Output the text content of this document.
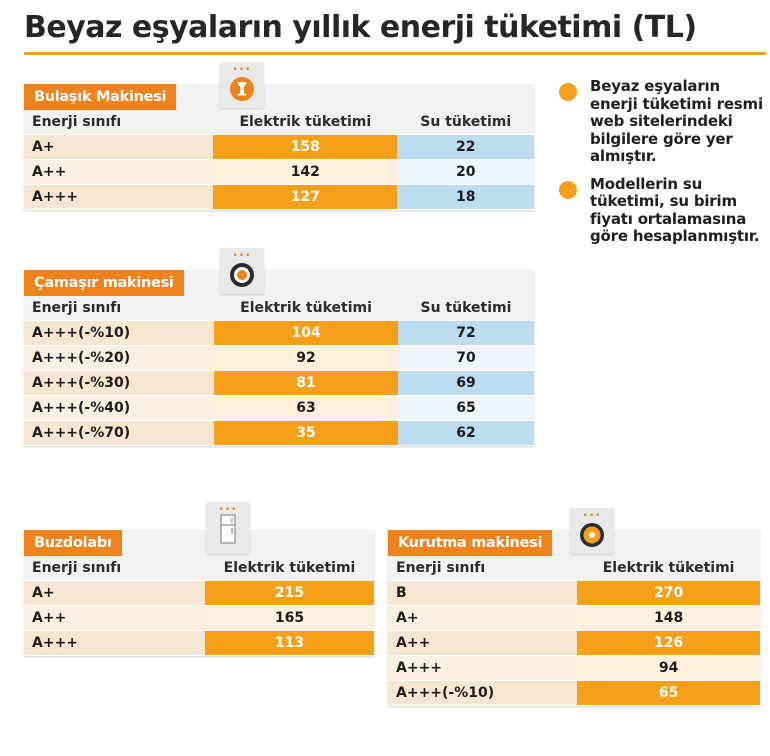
Beyaz eşyaların yıllık enerji tüketimi (TL)
Bulaşık Makinesi
•••
Enerji sınıfı	Elektrik tüketimi	Su tüketimi
A+	158	22
A++	142	20
A+++	127	18
Çamaşır makinesi
•••
Enerji sınıfı	Elektrik tüketimi	Su tüketimi
A+++(-%10)	104	72
A+++(-%20)	92	70
A+++(-%30)	81	69
A+++(-%40)	63	65
A+++(-%70)	35	62
Buzdolabı
•••
Enerji sınıfı	Elektrik tüketimi
A+	215
A++	165
A+++	113
Kurutma makinesi
•••
Enerji sınıfı	Elektrik tüketimi
B	270
A+	148
A++	126
A+++	94
A+++(-%10)	65
Beyaz eşyaların enerji tüketimi resmi web sitelerindeki bilgilere göre yer almıştır.
Modellerin su tüketimi, su birim fiyatı ortalamasına göre hesaplanmıştır.
